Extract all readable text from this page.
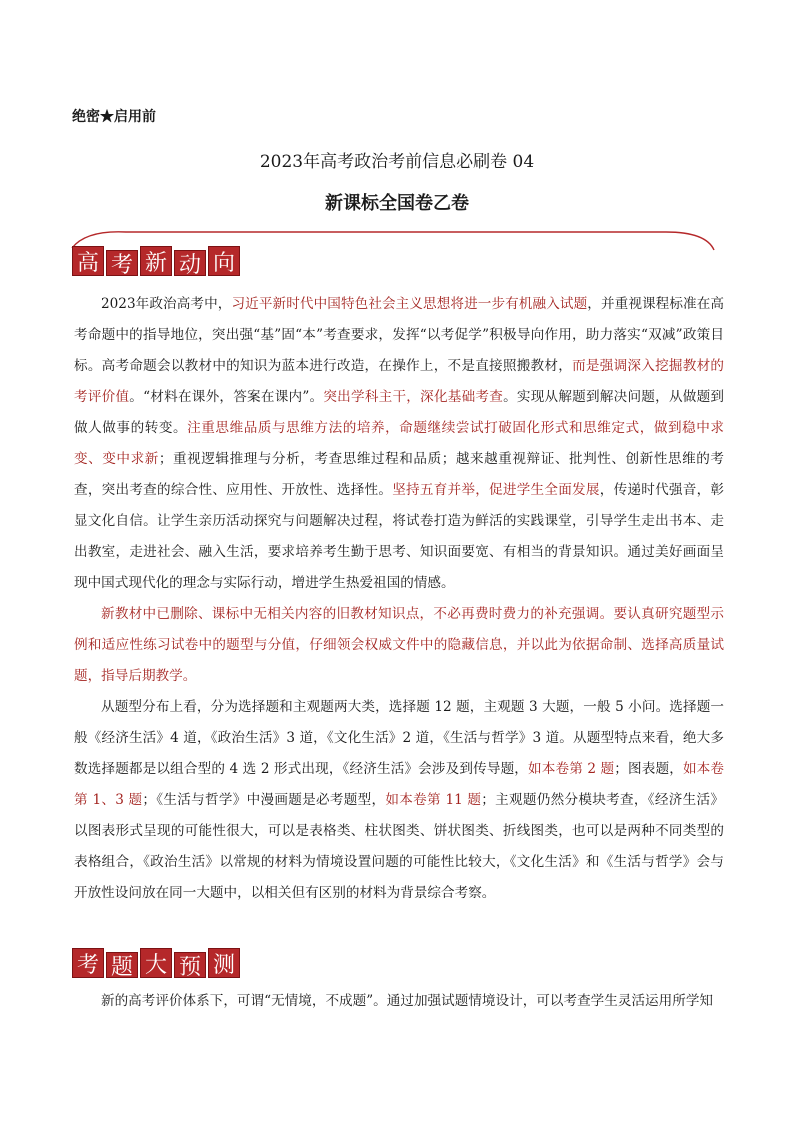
绝密★启用前
2023年高考政治考前信息必刷卷 04
新课标全国卷乙卷
高 考 新 动 向

2023年政治高考中，习近平新时代中国特色社会主义思想将进一步有机融入试题，并重视课程标准在高考命题中的指导地位，突出强“基”固“本”考查要求，发挥“以考促学”积极导向作用，助力落实“双减”政策目标。高考命题会以教材中的知识为蓝本进行改造，在操作上，不是直接照搬教材，而是强调深入挖掘教材的考评价值。“材料在课外，答案在课内”。突出学科主干，深化基础考查。实现从解题到解决问题，从做题到做人做事的转变。注重思维品质与思维方法的培养，命题继续尝试打破固化形式和思维定式，做到稳中求变、变中求新；重视逻辑推理与分析，考查思维过程和品质；越来越重视辩证、批判性、创新性思维的考查，突出考查的综合性、应用性、开放性、选择性。坚持五育并举，促进学生全面发展，传递时代强音，彰显文化自信。让学生亲历活动探究与问题解决过程，将试卷打造为鲜活的实践课堂，引导学生走出书本、走出教室，走进社会、融入生活，要求培养考生勤于思考、知识面要宽、有相当的背景知识。通过美好画面呈现中国式现代化的理念与实际行动，增进学生热爱祖国的情感。

新教材中已删除、课标中无相关内容的旧教材知识点，不必再费时费力的补充强调。要认真研究题型示例和适应性练习试卷中的题型与分值，仔细领会权威文件中的隐藏信息，并以此为依据命制、选择高质量试题，指导后期教学。

从题型分布上看，分为选择题和主观题两大类，选择题 12 题，主观题 3 大题，一般 5 小问。选择题一般《经济生活》4 道，《政治生活》3 道，《文化生活》2 道，《生活与哲学》3 道。从题型特点来看，绝大多数选择题都是以组合型的 4 选 2 形式出现，《经济生活》会涉及到传导题，如本卷第 2 题；图表题，如本卷第 1、3 题；《生活与哲学》中漫画题是必考题型，如本卷第 11 题；主观题仍然分模块考查，《经济生活》以图表形式呈现的可能性很大，可以是表格类、柱状图类、饼状图类、折线图类，也可以是两种不同类型的表格组合，《政治生活》以常规的材料为情境设置问题的可能性比较大，《文化生活》和《生活与哲学》会与开放性设问放在同一大题中，以相关但有区别的材料为背景综合考察。

考 题 大 预 测

新的高考评价体系下，可谓“无情境，不成题”。通过加强试题情境设计，可以考查学生灵活运用所学知
